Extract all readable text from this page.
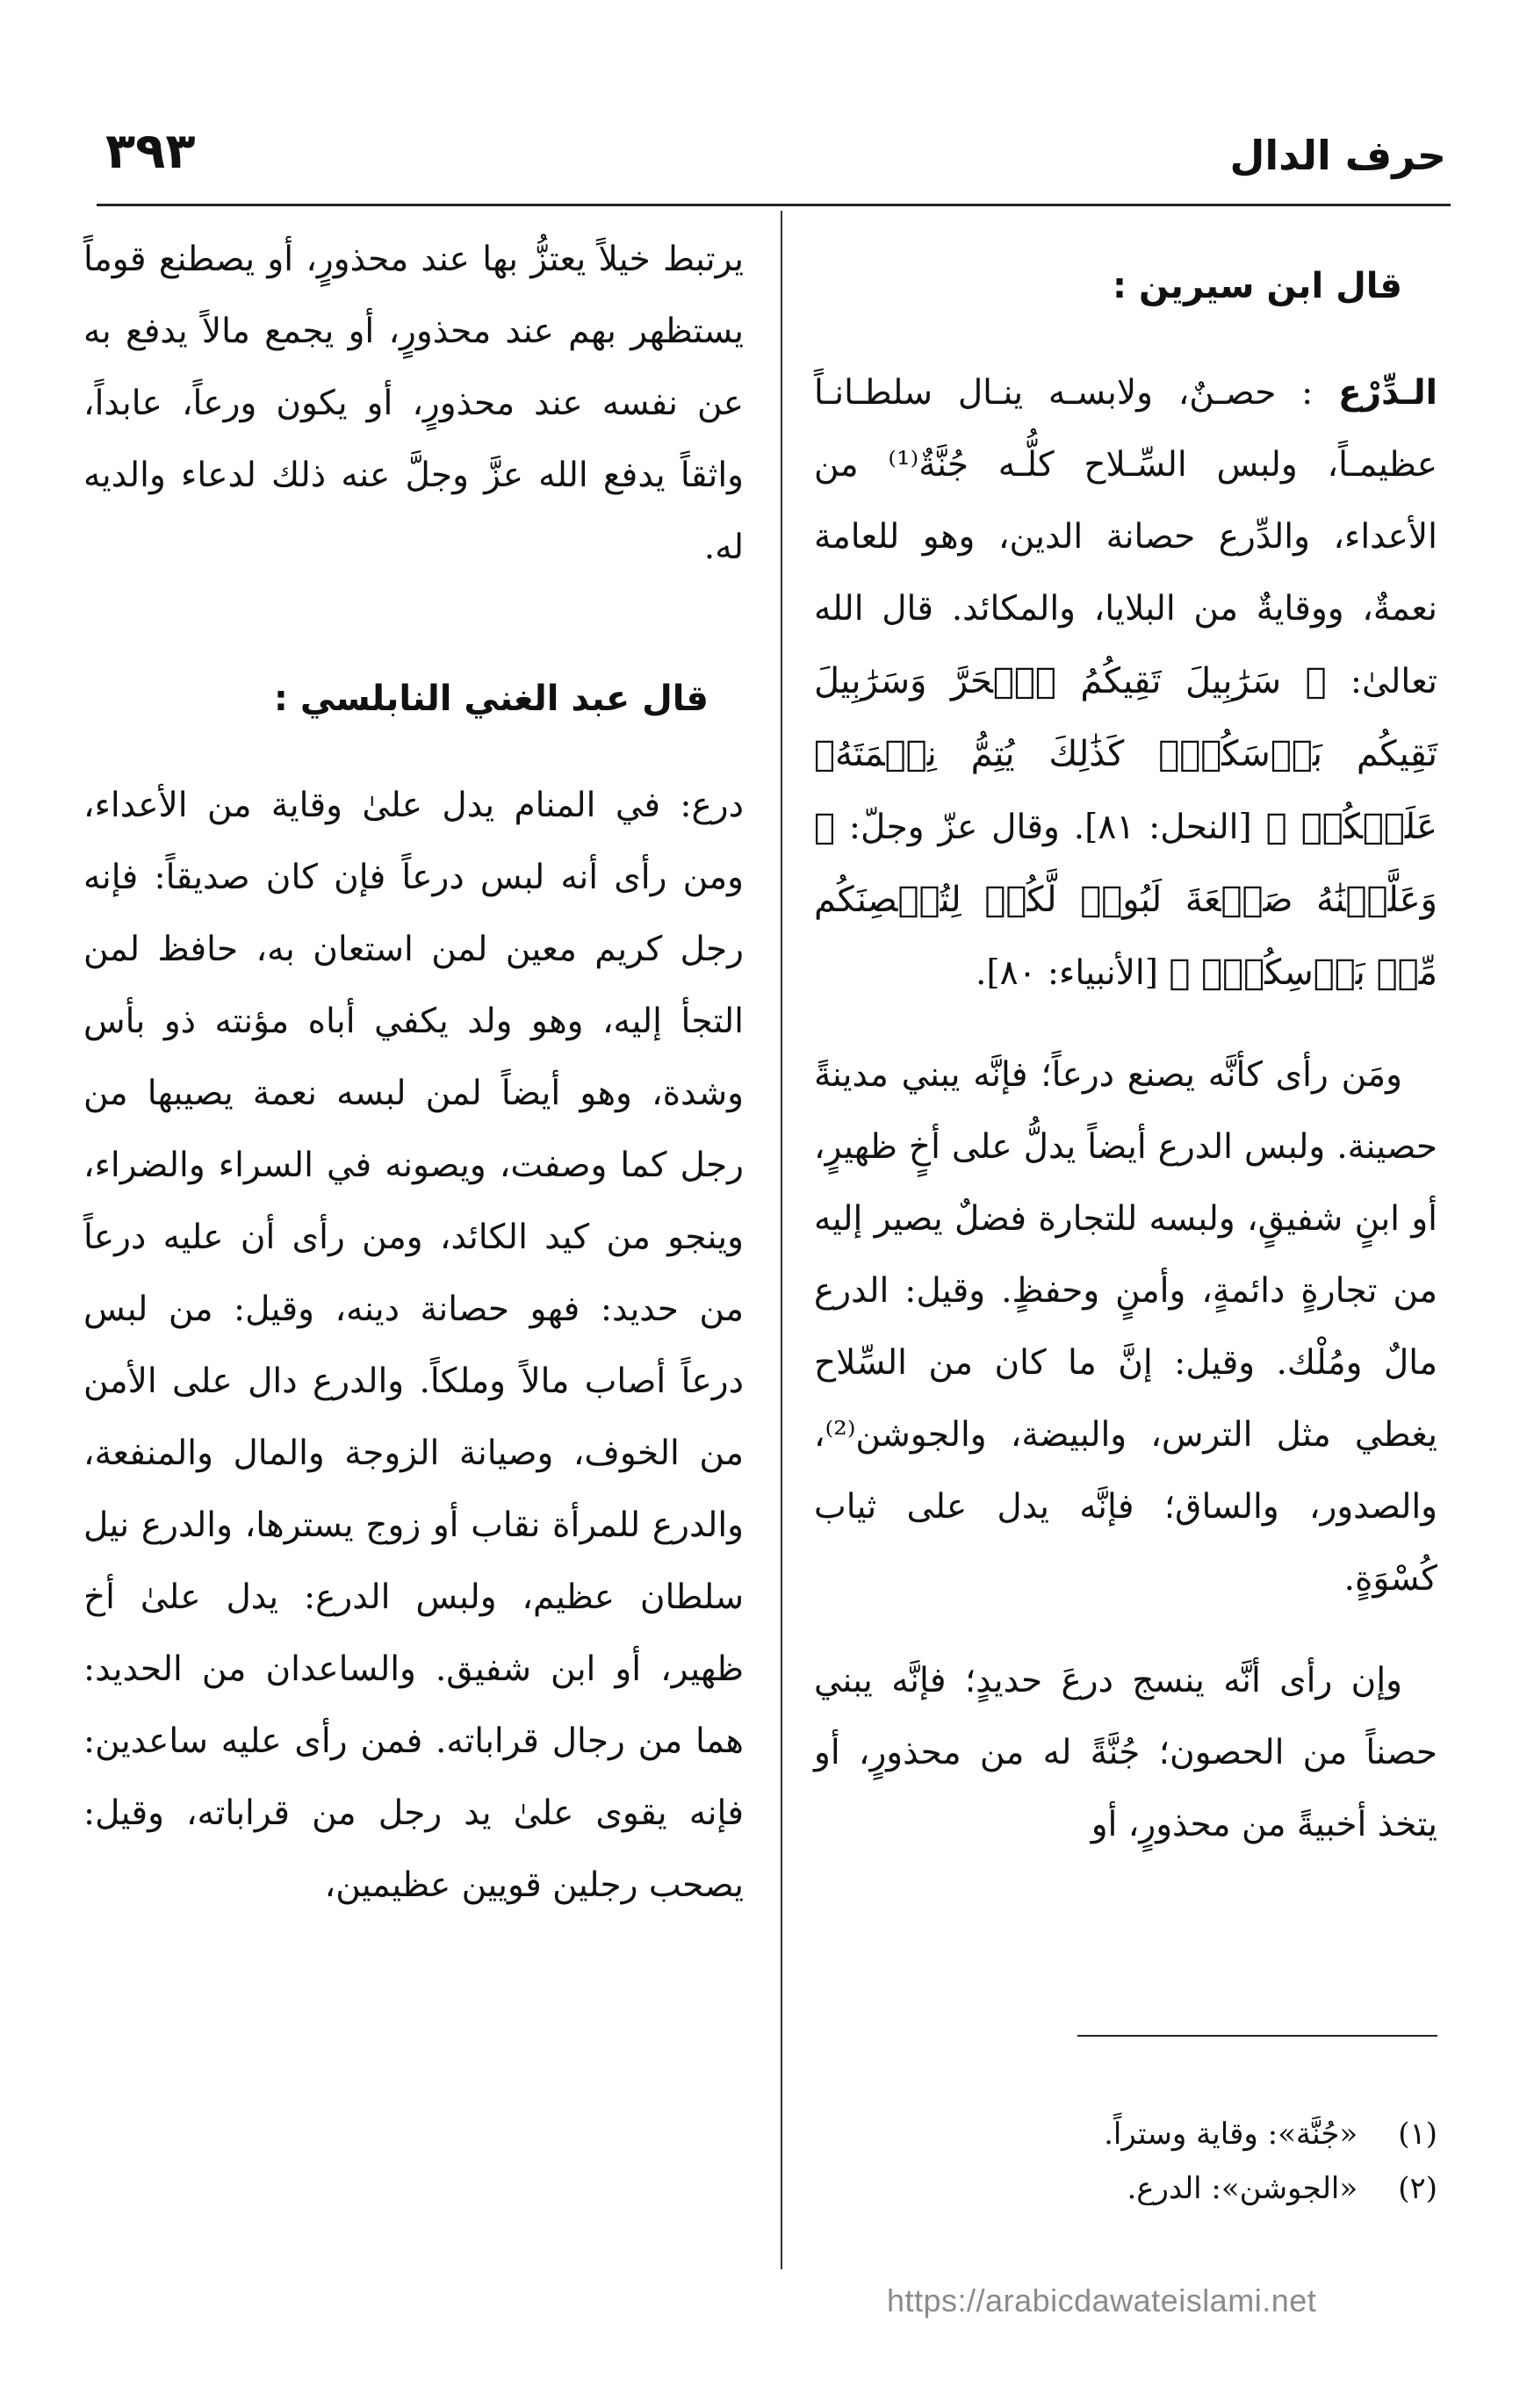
حرف الدال
٣٩٣
قال ابن سيرين :

الـدِّرْع : حصـنٌ، ولابسـه ينـال سلطـانـاً عظيمـاً، ولبس السِّـلاح كلُّـه جُنَّةٌ⁽¹⁾ من الأعداء، والدِّرع حصانة الدين، وهو للعامة نعمةٌ، ووقايةٌ من البلايا، والمكائد. قال الله تعالىٰ: ﴿ سَرَٰبِيلَ تَقِيكُمُ ٱلۡحَرَّ وَسَرَٰبِيلَ تَقِيكُم بَأۡسَكُمۡۚ كَذَٰلِكَ يُتِمُّ نِعۡمَتَهُۥ عَلَيۡكُمۡ ﴾ [النحل: ٨١]. وقال عزّ وجلّ: ﴿ وَعَلَّمۡنَٰهُ صَنۡعَةَ لَبُوسٖ لَّكُمۡ لِتُحۡصِنَكُم مِّنۢ بَأۡسِكُمۡۖ ﴾ [الأنبياء: ٨٠].

ومَن رأى كأنَّه يصنع درعاً؛ فإنَّه يبني مدينةً حصينة. ولبس الدرع أيضاً يدلُّ على أخٍ ظهيرٍ، أو ابنٍ شفيقٍ، ولبسه للتجارة فضلٌ يصير إليه من تجارةٍ دائمةٍ، وأمنٍ وحفظٍ. وقيل: الدرع مالٌ ومُلْك. وقيل: إنَّ ما كان من السِّلاح يغطي مثل الترس، والبيضة، والجوشن⁽²⁾، والصدور، والساق؛ فإنَّه يدل على ثياب كُسْوَةٍ.

وإن رأى أنَّه ينسج درعَ حديدٍ؛ فإنَّه يبني حصناً من الحصون؛ جُنَّةً له من محذورٍ، أو يتخذ أخبيةً من محذورٍ، أو

يرتبط خيلاً يعتزُّ بها عند محذورٍ، أو يصطنع قوماً يستظهر بهم عند محذورٍ، أو يجمع مالاً يدفع به عن نفسه عند محذورٍ، أو يكون ورعاً، عابداً، واثقاً يدفع الله عزَّ وجلَّ عنه ذلك لدعاء والديه له.

قال عبد الغني النابلسي :

درع: في المنام يدل علىٰ وقاية من الأعداء، ومن رأى أنه لبس درعاً فإن كان صديقاً: فإنه رجل كريم معين لمن استعان به، حافظ لمن التجأ إليه، وهو ولد يكفي أباه مؤنته ذو بأس وشدة، وهو أيضاً لمن لبسه نعمة يصيبها من رجل كما وصفت، ويصونه في السراء والضراء، وينجو من كيد الكائد، ومن رأى أن عليه درعاً من حديد: فهو حصانة دينه، وقيل: من لبس درعاً أصاب مالاً وملكاً. والدرع دال على الأمن من الخوف، وصيانة الزوجة والمال والمنفعة، والدرع للمرأة نقاب أو زوج يسترها، والدرع نيل سلطان عظيم، ولبس الدرع: يدل علىٰ أخ ظهير، أو ابن شفيق. والساعدان من الحديد: هما من رجال قراباته. فمن رأى عليه ساعدين: فإنه يقوى علىٰ يد رجل من قراباته، وقيل: يصحب رجلين قويين عظيمين،

(١) «جُنَّة»: وقاية وستراً.
(٢) «الجوشن»: الدرع.
https://arabicdawateislami.net
